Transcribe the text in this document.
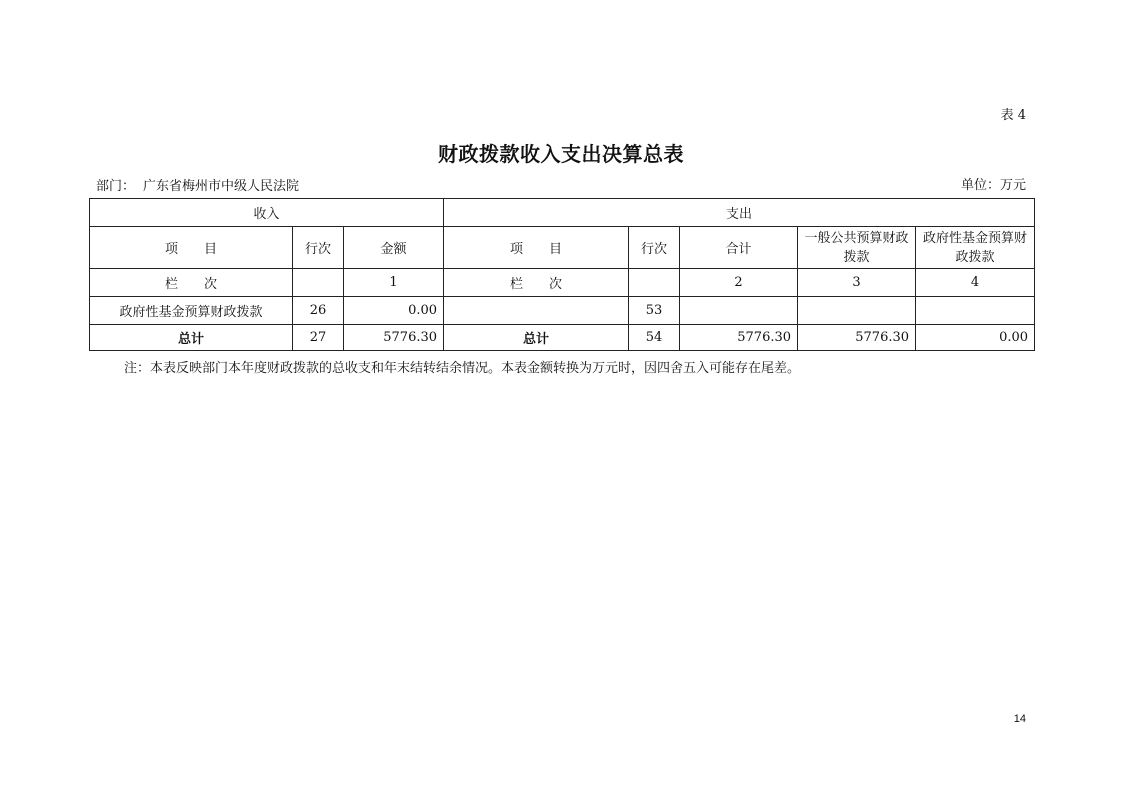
表 4
财政拨款收入支出决算总表
部门： 广东省梅州市中级人民法院	单位：万元
收入			支出				
项　　目	行次	金额	项　　目	行次	合计	一般公共预算财政拨款	政府性基金预算财政拨款
栏　　次		1	栏　　次		2	3	4
政府性基金预算财政拨款	26	0.00		53			
总计	27	5776.30	总计	54	5776.30	5776.30	0.00
注：本表反映部门本年度财政拨款的总收支和年末结转结余情况。本表金额转换为万元时，因四舍五入可能存在尾差。
14
